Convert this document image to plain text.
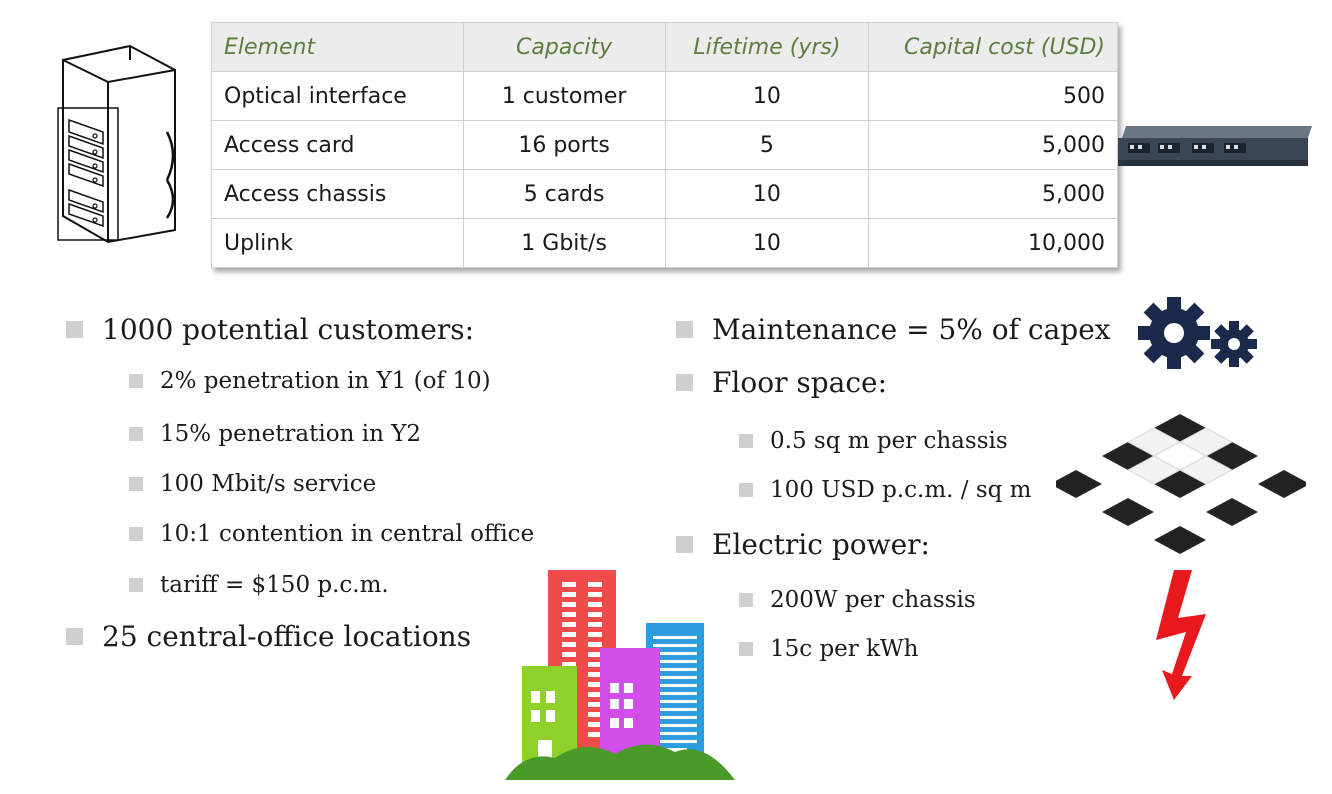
Element	Capacity	Lifetime (yrs)	Capital cost (USD)
Optical interface	1 customer	10	500
Access card	16 ports	5	5,000
Access chassis	5 cards	10	5,000
Uplink	1 Gbit/s	10	10,000
1000 potential customers:
2% penetration in Y1 (of 10)
15% penetration in Y2
100 Mbit/s service
10:1 contention in central office
tariff = $150 p.c.m.
25 central-office locations
Maintenance = 5% of capex
Floor space:
0.5 sq m per chassis
100 USD p.c.m. / sq m
Electric power:
200W per chassis
15c per kWh
